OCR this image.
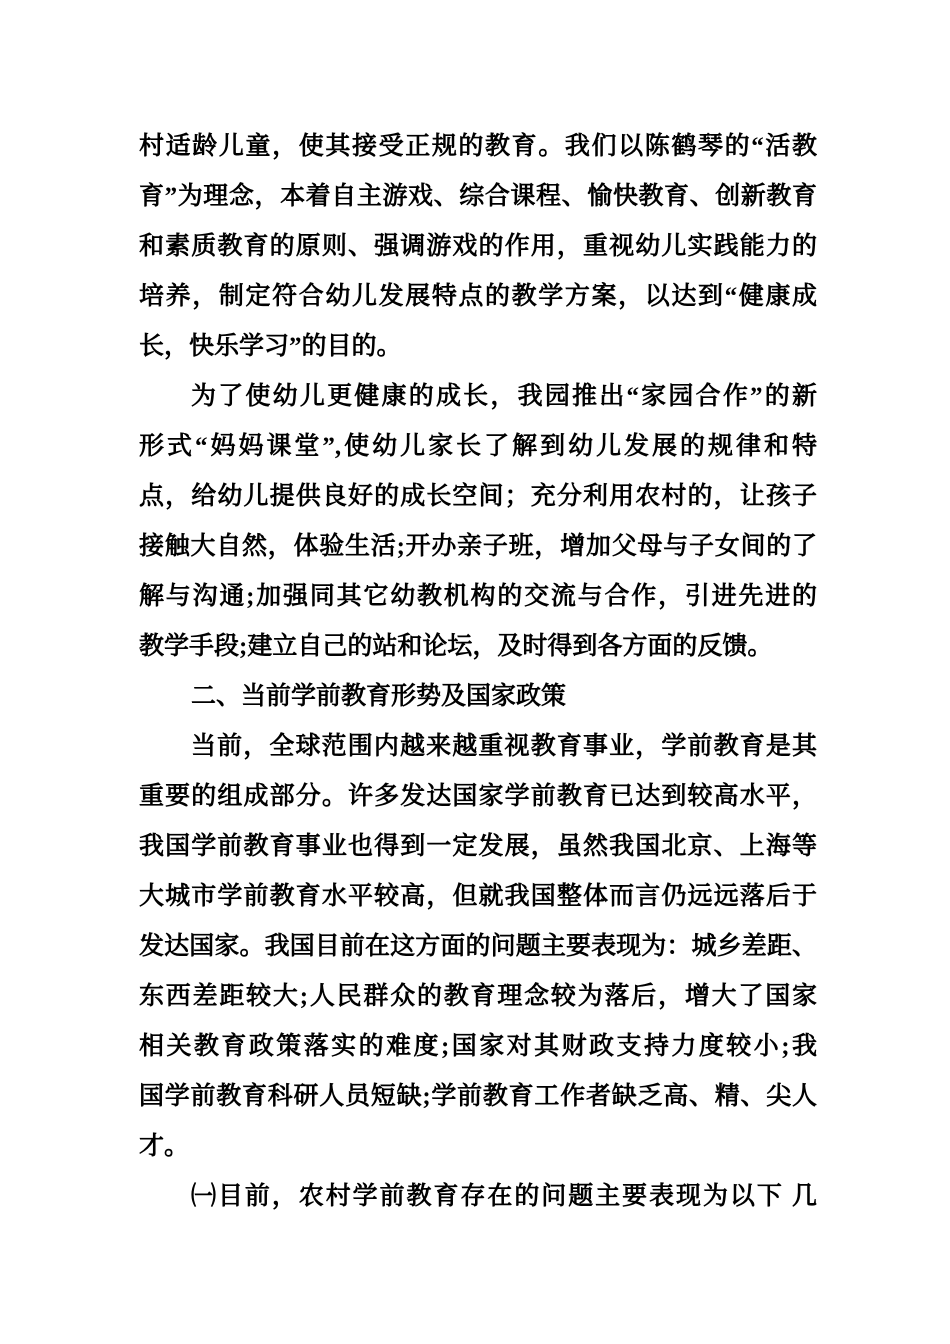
村适龄儿童，使其接受正规的教育。我们以陈鹤琴的“活教
育”为理念，本着自主游戏、综合课程、愉快教育、创新教育
和素质教育的原则、强调游戏的作用，重视幼儿实践能力的
培养，制定符合幼儿发展特点的教学方案，以达到“健康成
长，快乐学习”的目的。
为了使幼儿更健康的成长，我园推出“家园合作”的新
形式“妈妈课堂”,使幼儿家长了解到幼儿发展的规律和特
点，给幼儿提供良好的成长空间；充分利用农村的，让孩子
接触大自然，体验生活;开办亲子班，增加父母与子女间的了
解与沟通;加强同其它幼教机构的交流与合作，引进先进的
教学手段;建立自己的站和论坛，及时得到各方面的反馈。
二、当前学前教育形势及国家政策
当前，全球范围内越来越重视教育事业，学前教育是其
重要的组成部分。许多发达国家学前教育已达到较高水平，
我国学前教育事业也得到一定发展，虽然我国北京、上海等
大城市学前教育水平较高，但就我国整体而言仍远远落后于
发达国家。我国目前在这方面的问题主要表现为：城乡差距、
东西差距较大;人民群众的教育理念较为落后，增大了国家
相关教育政策落实的难度;国家对其财政支持力度较小;我
国学前教育科研人员短缺;学前教育工作者缺乏高、精、尖人
才。
㈠目前，农村学前教育存在的问题主要表现为以下 几
